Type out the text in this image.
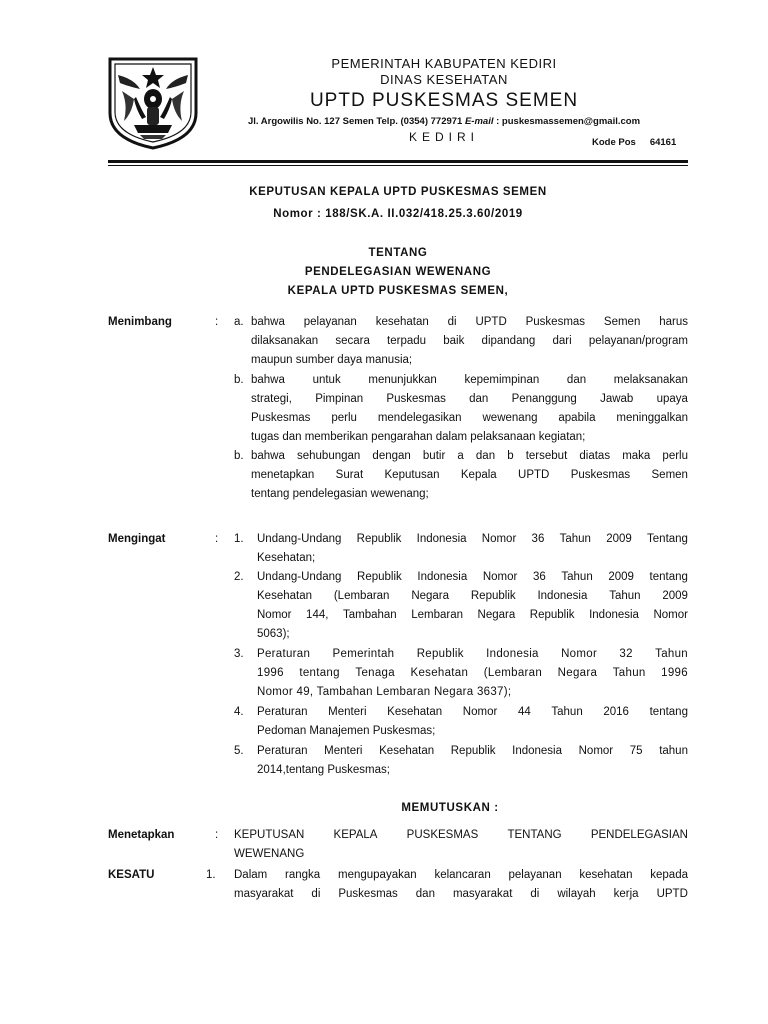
PEMERINTAH KABUPATEN KEDIRI
DINAS KESEHATAN
UPTD PUSKESMAS SEMEN
Jl. Argowilis No. 127 Semen Telp. (0354) 772971 E-mail : puskesmassemen@gmail.com
KEDIRI	Kode Pos 64161
KEPUTUSAN KEPALA UPTD PUSKESMAS SEMEN
Nomor : 188/SK.A. II.032/418.25.3.60/2019
TENTANG
PENDELEGASIAN WEWENANG
KEPALA UPTD PUSKESMAS SEMEN,
Menimbang	: a. bahwa pelayanan kesehatan di UPTD Puskesmas Semen harus
dilaksanakan secara terpadu baik dipandang dari pelayanan/program
maupun sumber daya manusia;
b. bahwa untuk menunjukkan kepemimpinan dan melaksanakan
strategi, Pimpinan Puskesmas dan Penanggung Jawab upaya
Puskesmas perlu mendelegasikan wewenang apabila meninggalkan
tugas dan memberikan pengarahan dalam pelaksanaan kegiatan;
b. bahwa sehubungan dengan butir a dan b tersebut diatas maka perlu
menetapkan Surat Keputusan Kepala UPTD Puskesmas Semen
tentang pendelegasian wewenang;
Mengingat	: 1. Undang-Undang Republik Indonesia Nomor 36 Tahun 2009 Tentang
Kesehatan;
2. Undang-Undang Republik Indonesia Nomor 36 Tahun 2009 tentang
Kesehatan (Lembaran Negara Republik Indonesia Tahun 2009
Nomor 144, Tambahan Lembaran Negara Republik Indonesia Nomor
5063);
3. Peraturan Pemerintah Republik Indonesia Nomor 32 Tahun
1996 tentang Tenaga Kesehatan (Lembaran Negara Tahun 1996
Nomor 49, Tambahan Lembaran Negara 3637);
4. Peraturan Menteri Kesehatan Nomor 44 Tahun 2016 tentang
Pedoman Manajemen Puskesmas;
5. Peraturan Menteri Kesehatan Republik Indonesia Nomor 75 tahun
2014,tentang Puskesmas;
MEMUTUSKAN :
Menetapkan	: KEPUTUSAN	KEPALA	PUSKESMAS	TENTANG	PENDELEGASIAN
WEWENANG
KESATU	1. Dalam rangka mengupayakan kelancaran pelayanan kesehatan kepada
masyarakat di Puskesmas dan masyarakat di wilayah kerja UPTD
